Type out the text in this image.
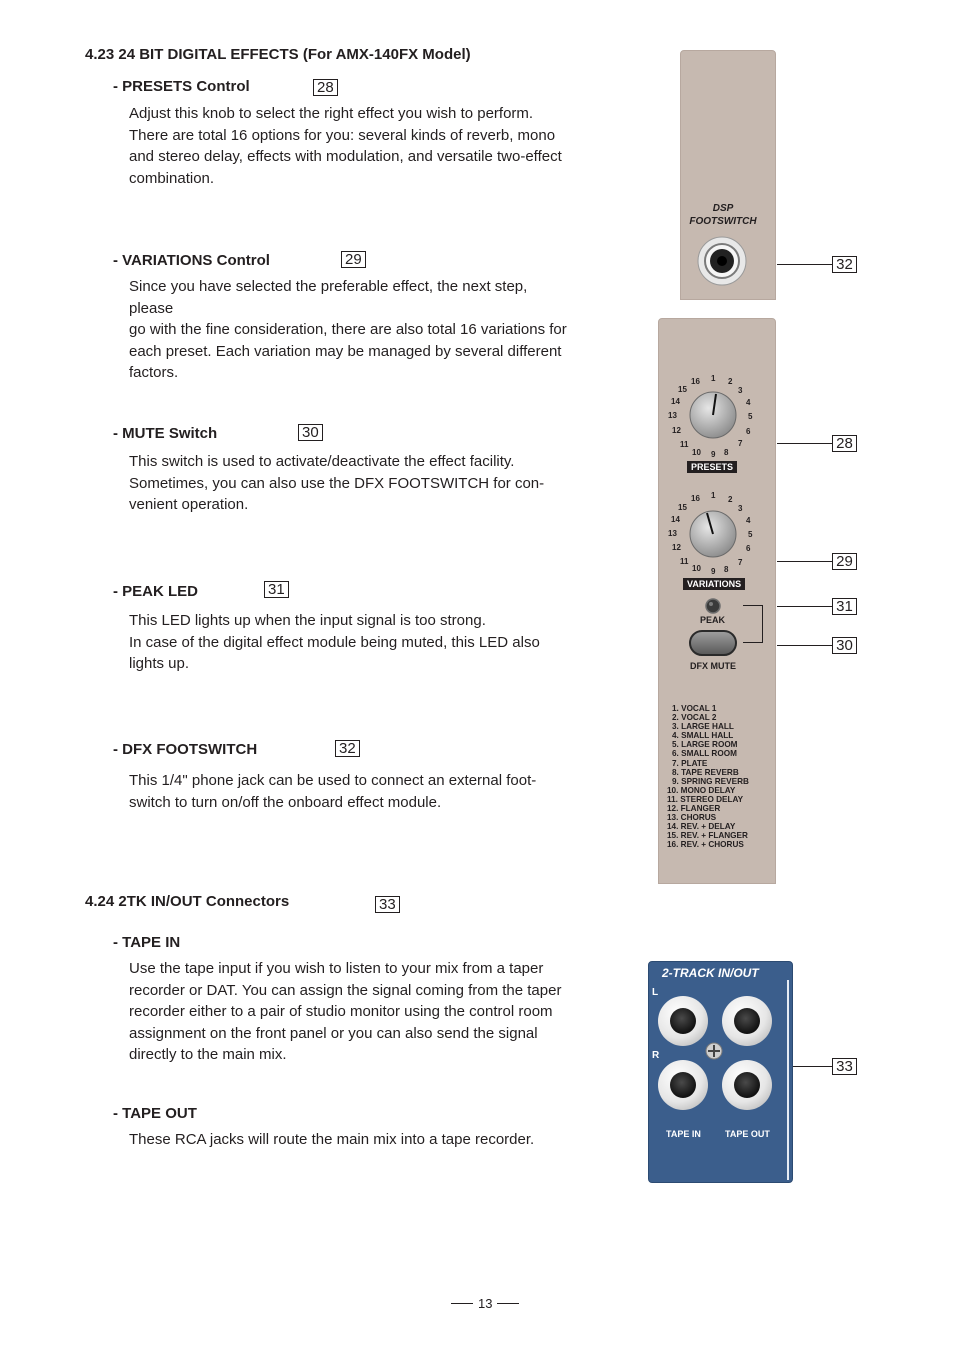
4.23 24 BIT DIGITAL EFFECTS (For AMX-140FX Model)
- PRESETS Control	28
Adjust this knob to select the right effect you wish to perform.
There are total 16 options for you: several kinds of reverb, mono
and stereo delay, effects with modulation, and versatile two-effect
combination.
- VARIATIONS Control	29
Since you have selected the preferable effect, the next step, please
go with the fine consideration, there are also total 16 variations for
each preset. Each variation may be managed by several different
factors.
- MUTE Switch	30
This switch is used to activate/deactivate the effect facility.
Sometimes, you can also use the DFX FOOTSWITCH for con-
venient operation.
- PEAK LED	31
This LED lights up when the input signal is too strong.
In case of the digital effect module being muted, this LED also
lights up.
- DFX FOOTSWITCH	32
This 1/4" phone jack can be used to connect an external foot-
switch to turn on/off the onboard effect module.
4.24 2TK IN/OUT Connectors	33
- TAPE IN
Use the tape input if you wish to listen to your mix from a taper
recorder or DAT. You can assign the signal coming from the taper
recorder either to a pair of studio monitor using the control room
assignment on the front panel or you can also send the signal
directly to the main mix.
- TAPE OUT
These RCA jacks will route the main mix into a tape recorder.
DSP
FOOTSWITCH
32
1 2
3
4
5
6
7
8
9
10
11
12
13
14
15
16
PRESETS
28
1 2
3
4
5
6
7
8
9
10
11
12
13
14
15
16
VARIATIONS
29
PEAK
31
30
DFX MUTE
1. VOCAL 1
2. VOCAL 2
3. LARGE HALL
4. SMALL HALL
5. LARGE ROOM
6. SMALL ROOM
7. PLATE
8. TAPE REVERB
9. SPRING REVERB
10. MONO DELAY
11. STEREO DELAY
12. FLANGER
13. CHORUS
14. REV. + DELAY
15. REV. + FLANGER
16. REV. + CHORUS
2-TRACK IN/OUT
L
R
TAPE IN	TAPE OUT
33
13
